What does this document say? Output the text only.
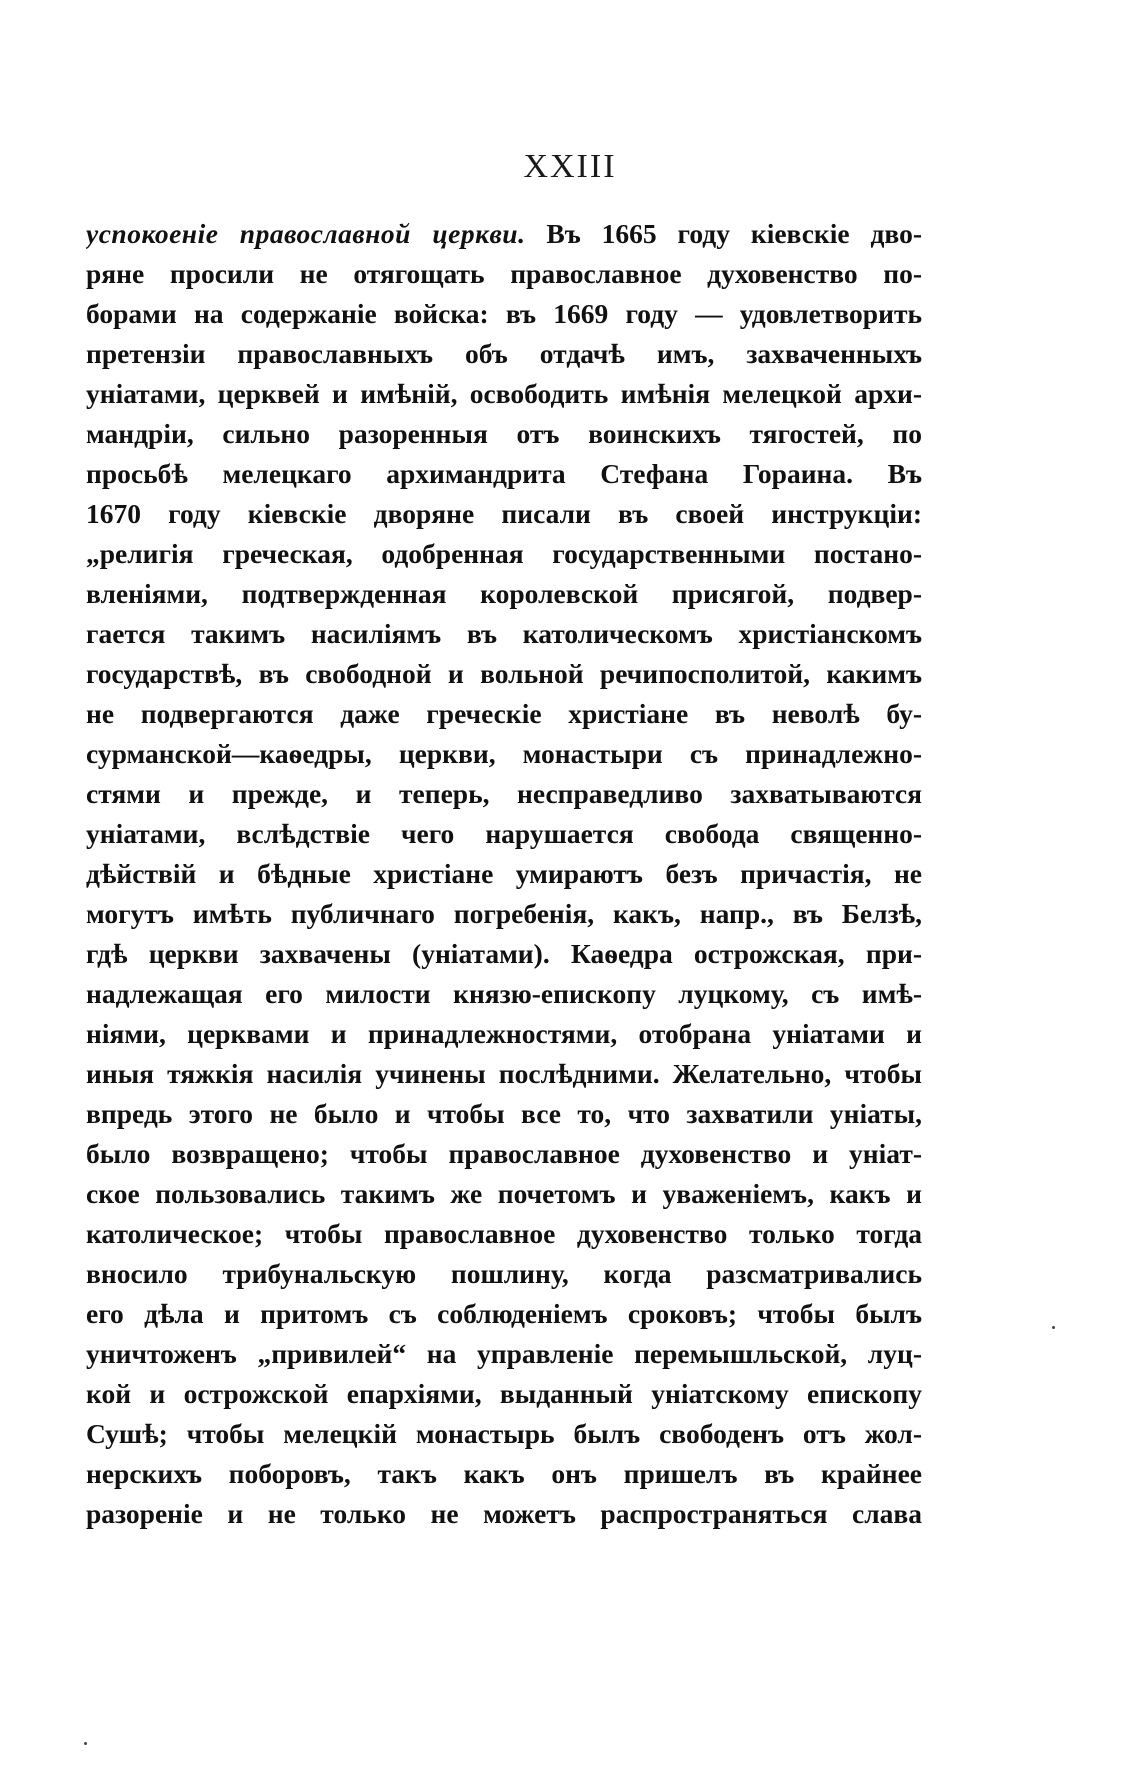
XXIII
успокоеніе православной церкви. Въ 1665 году кіевскіе дво-
ряне просили не отягощать православное духовенство по-
борами на содержаніе войска: въ 1669 году — удовлетворить
претензіи православныхъ объ отдачѣ имъ, захваченныхъ
уніатами, церквей и имѣній, освободить имѣнія мелецкой архи-
мандріи, сильно разоренныя отъ воинскихъ тягостей, по
просьбѣ мелецкаго архимандрита Стефана Гораина. Въ
1670 году кіевскіе дворяне писали въ своей инструкціи:
„религія греческая, одобренная государственными постано-
вленіями, подтвержденная королевской присягой, подвер-
гается такимъ насиліямъ въ католическомъ христіанскомъ
государствѣ, въ свободной и вольной речипосполитой, какимъ
не подвергаются даже греческіе христіане въ неволѣ бу-
сурманской—каѳедры, церкви, монастыри съ принадлежно-
стями и прежде, и теперь, несправедливо захватываются
уніатами, вслѣдствіе чего нарушается свобода священно-
дѣйствій и бѣдные христіане умираютъ безъ причастія, не
могутъ имѣть публичнаго погребенія, какъ, напр., въ Белзѣ,
гдѣ церкви захвачены (уніатами). Каѳедра острожская, при-
надлежащая его милости князю-епископу луцкому, съ имѣ-
ніями, церквами и принадлежностями, отобрана уніатами и
иныя тяжкія насилія учинены послѣдними. Желательно, чтобы
впредь этого не было и чтобы все то, что захватили уніаты,
было возвращено; чтобы православное духовенство и уніат-
ское пользовались такимъ же почетомъ и уваженіемъ, какъ и
католическое; чтобы православное духовенство только тогда
вносило трибунальскую пошлину, когда разсматривались
его дѣла и притомъ съ соблюденіемъ сроковъ; чтобы былъ
уничтоженъ „привилей“ на управленіе перемышльской, луц-
кой и острожской епархіями, выданный уніатскому епископу
Сушѣ; чтобы мелецкій монастырь былъ свободенъ отъ жол-
нерскихъ поборовъ, такъ какъ онъ пришелъ въ крайнее
разореніе и не только не можетъ распространяться слава
